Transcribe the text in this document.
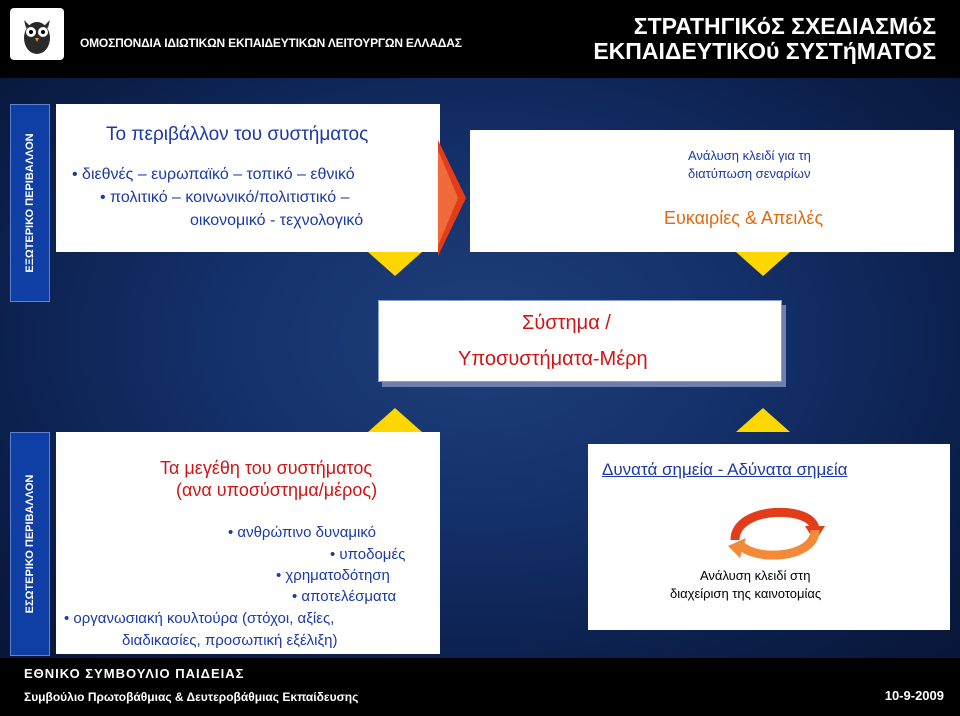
ΟΜΟΣΠΟΝΔΙΑ ΙΔΙΩΤΙΚΩΝ ΕΚΠΑΙΔΕΥΤΙΚΩΝ ΛΕΙΤΟΥΡΓΩΝ ΕΛΛΑΔΑΣ
ΣΤΡΑΤΗΓΙΚόΣ ΣΧΕΔΙΑΣΜόΣ
ΕΚΠΑΙΔΕΥΤΙΚΟύ ΣΥΣΤήΜΑΤΟΣ
ΕΞΩΤΕΡΙΚΟ ΠΕΡΙΒΑΛΛΟΝ	Το περιβάλλον του συστήματος
• διεθνές – ευρωπαϊκό – τοπικό – εθνικό
• πολιτικό – κοινωνικό/πολιτιστικό –
οικονομικό - τεχνολογικό
Ανάλυση κλειδί για τη
διατύπωση σεναρίων
Ευκαιρίες & Απειλές
Σύστημα /
Υποσυστήματα-Μέρη
ΕΣΩΤΕΡΙΚΟ ΠΕΡΙΒΑΛΛΟΝ
Τα μεγέθη του συστήματος
(ανα υποσύστημα/μέρος)
• ανθρώπινο δυναμικό
• υποδομές
• χρηματοδότηση
• αποτελέσματα
• οργανωσιακή κουλτούρα (στόχοι, αξίες,
διαδικασίες, προσωπική εξέλιξη)
Δυνατά σημεία - Αδύνατα σημεία
Ανάλυση κλειδί στη
διαχείριση της καινοτομίας
ΕΘΝΙΚΟ ΣΥΜΒΟΥΛΙΟ ΠΑΙΔΕΙΑΣ
Συμβούλιο Πρωτοβάθμιας & Δευτεροβάθμιας Εκπαίδευσης	10-9-2009
